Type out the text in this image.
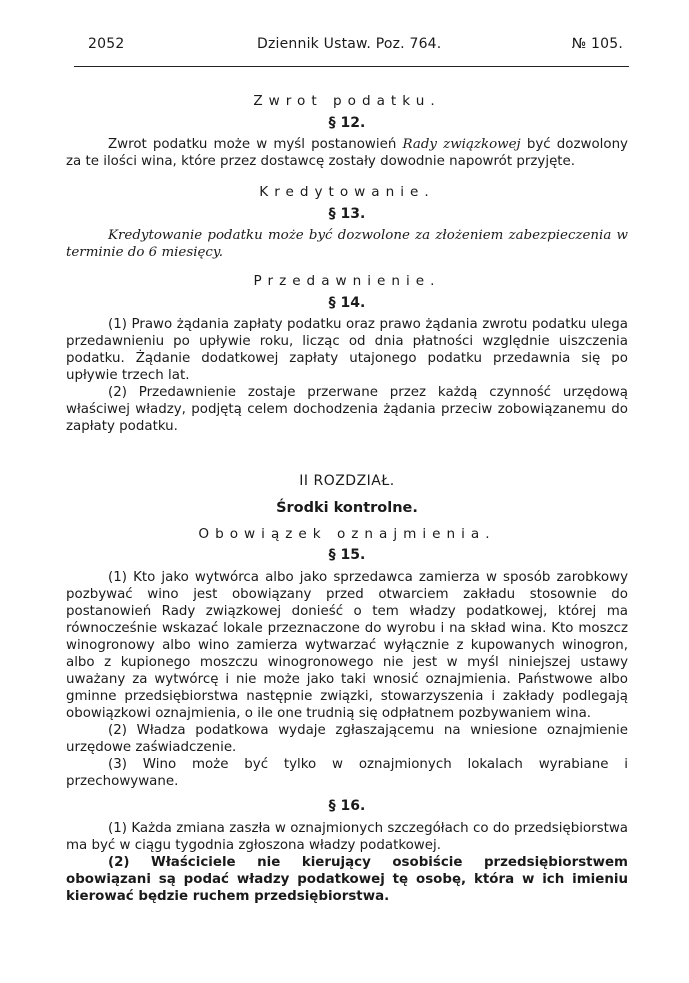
2052	Dziennik Ustaw. Poz. 764.	№ 105.

Zwrot podatku.

§ 12.

Zwrot podatku może w myśl postanowień Rady związkowej być dozwolony za te ilości wina, które przez dostawcę zostały dowodnie napowrót przyjęte.

Kredytowanie.

§ 13.

Kredytowanie podatku może być dozwolone za złożeniem zabezpieczenia w terminie do 6 miesięcy.

Przedawnienie.

§ 14.

(1) Prawo żądania zapłaty podatku oraz prawo żądania zwrotu podatku ulega przedawnieniu po upływie roku, licząc od dnia płatności względnie uiszczenia podatku. Żądanie dodatkowej zapłaty utajonego podatku przedawnia się po upływie trzech lat.

(2) Przedawnienie zostaje przerwane przez każdą czynność urzędową właściwej władzy, podjętą celem dochodzenia żądania przeciw zobowiązanemu do zapłaty podatku.

II ROZDZIAŁ.

Środki kontrolne.

Obowiązek oznajmienia.

§ 15.

(1) Kto jako wytwórca albo jako sprzedawca zamierza w sposób zarobkowy pozbywać wino jest obowiązany przed otwarciem zakładu stosownie do postanowień Rady związkowej donieść o tem władzy podatkowej, której ma równocześnie wskazać lokale przeznaczone do wyrobu i na skład wina. Kto moszcz winogronowy albo wino zamierza wytwarzać wyłącznie z kupowanych winogron, albo z kupionego moszczu winogronowego nie jest w myśl niniejszej ustawy uważany za wytwórcę i nie może jako taki wnosić oznajmienia. Państwowe albo gminne przedsiębiorstwa następnie związki, stowarzyszenia i zakłady podlegają obowiązkowi oznajmienia, o ile one trudnią się odpłatnem pozbywaniem wina.

(2) Władza podatkowa wydaje zgłaszającemu na wniesione oznajmienie urzędowe zaświadczenie.

(3) Wino może być tylko w oznajmionych lokalach wyrabiane i przechowywane.

§ 16.

(1) Każda zmiana zaszła w oznajmionych szczegółach co do przedsiębiorstwa ma być w ciągu tygodnia zgłoszona władzy podatkowej.

(2) Właściciele nie kierujący osobiście przedsiębiorstwem obowiązani są podać władzy podatkowej tę osobę, która w ich imieniu kierować będzie ruchem przedsiębiorstwa.
